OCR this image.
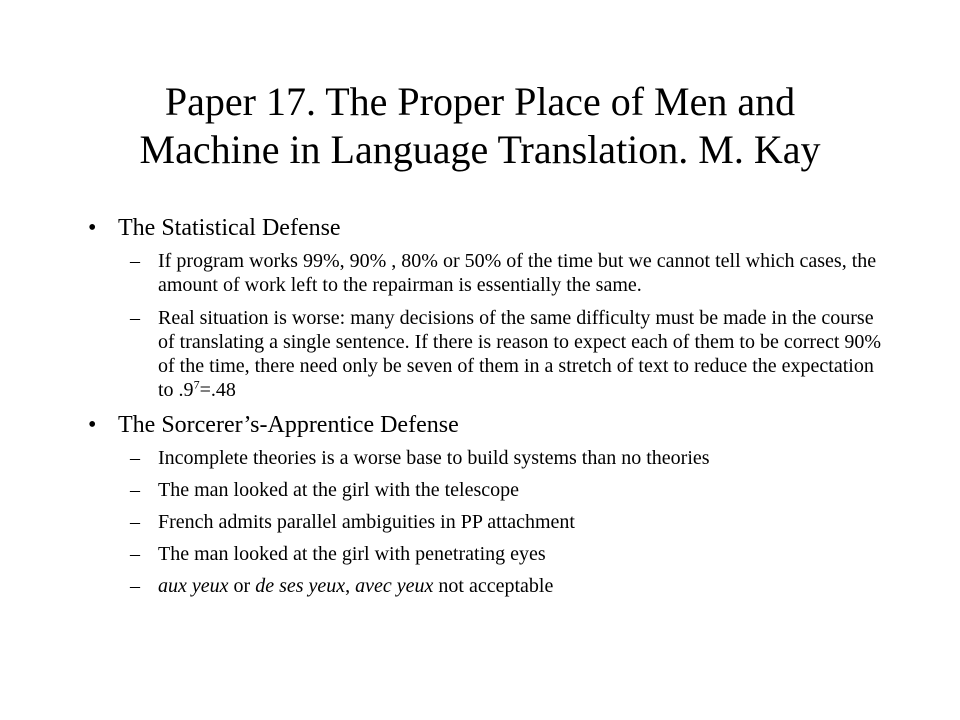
Paper 17. The Proper Place of Men and
Machine in Language Translation. M. Kay
• The Statistical Defense
– If program works 99%, 90% , 80% or 50% of the time but we cannot tell which cases, the amount of work left to the repairman is essentially the same.
– Real situation is worse: many decisions of the same difficulty must be made in the course of translating a single sentence. If there is reason to expect each of them to be correct 90% of the time, there need only be seven of them in a stretch of text to reduce the expectation to $.9^7=.48$
• The Sorcerer’s-Apprentice Defense
– Incomplete theories is a worse base to build systems than no theories
– The man looked at the girl with the telescope
– French admits parallel ambiguities in PP attachment
– The man looked at the girl with penetrating eyes
– aux yeux or de ses yeux, avec yeux not acceptable
